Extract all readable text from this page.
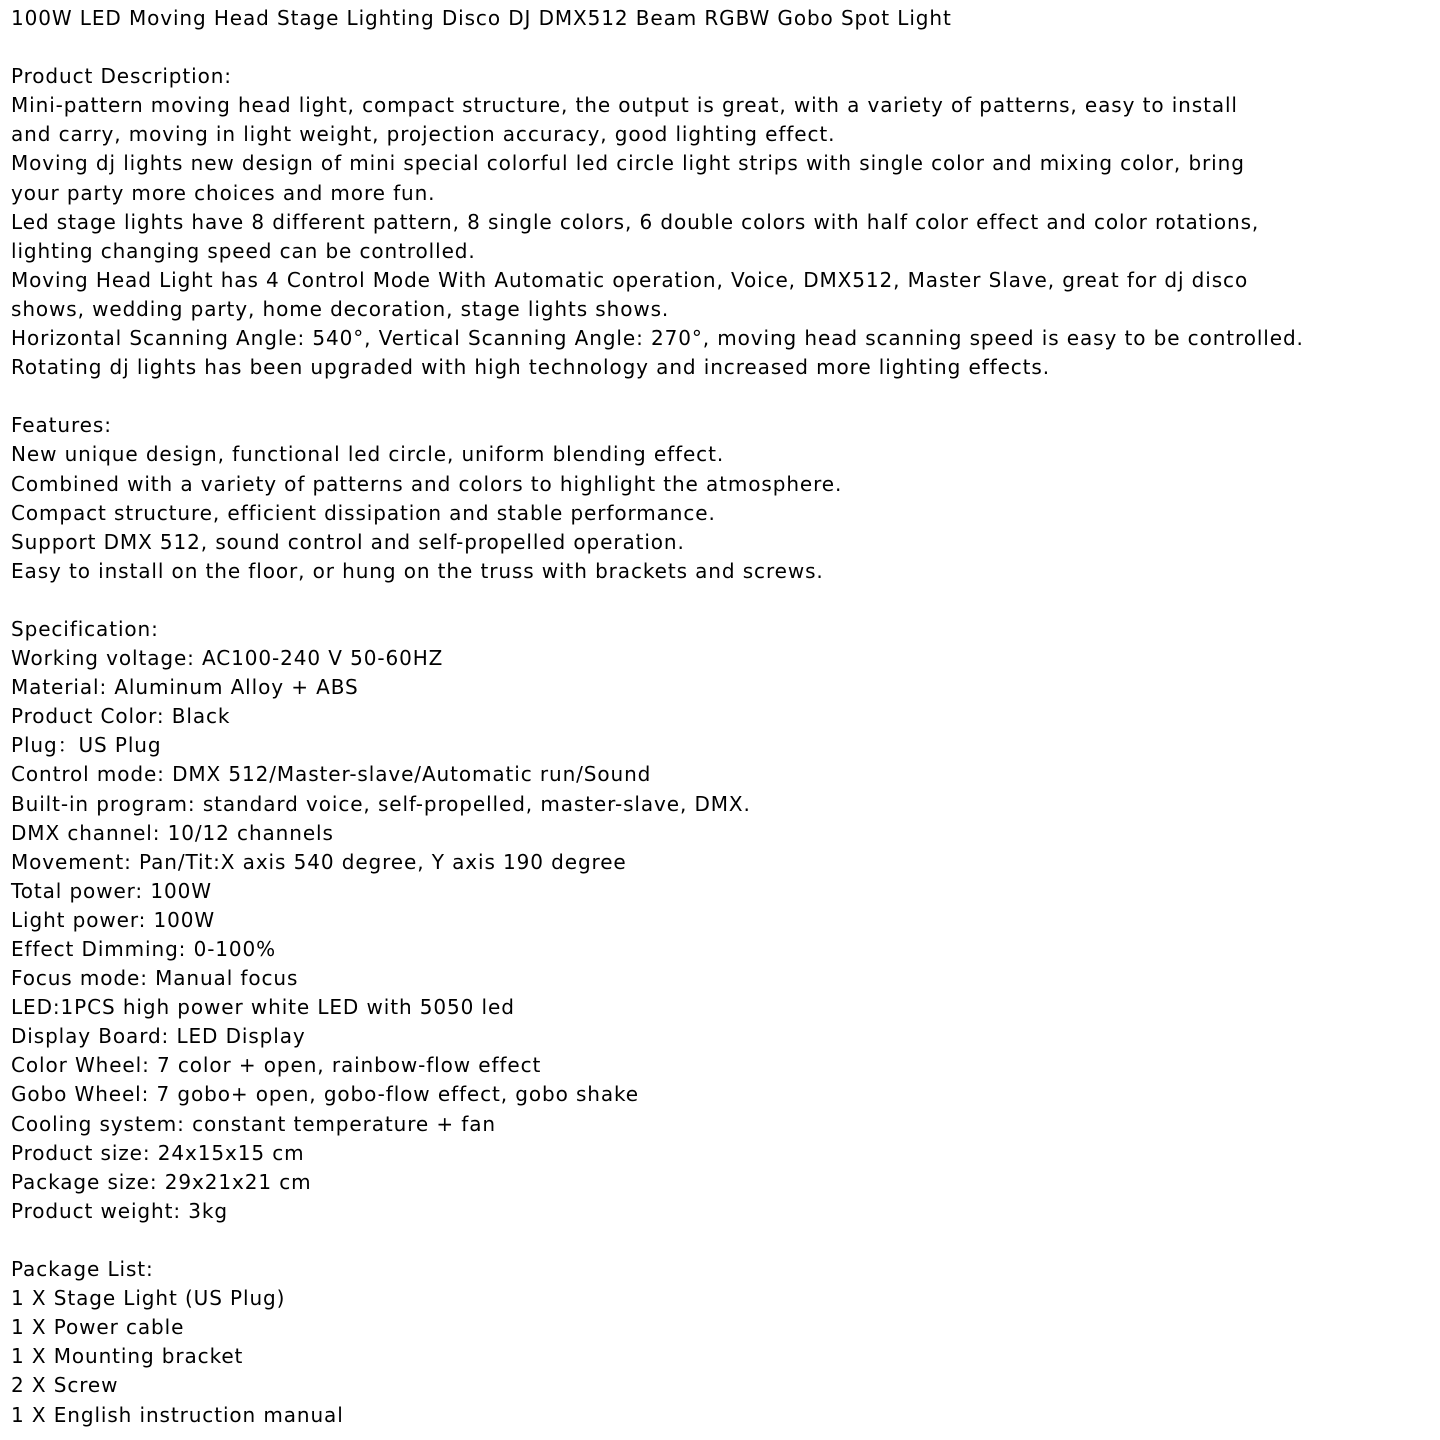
100W LED Moving Head Stage Lighting Disco DJ DMX512 Beam RGBW Gobo Spot Light
Product Description:
Mini-pattern moving head light, compact structure, the output is great, with a variety of patterns, easy to install
and carry, moving in light weight, projection accuracy, good lighting effect.
Moving dj lights new design of mini special colorful led circle light strips with single color and mixing color, bring
your party more choices and more fun.
Led stage lights have 8 different pattern, 8 single colors, 6 double colors with half color effect and color rotations,
lighting changing speed can be controlled.
Moving Head Light has 4 Control Mode With Automatic operation, Voice, DMX512, Master Slave, great for dj disco
shows, wedding party, home decoration, stage lights shows.
Horizontal Scanning Angle: 540°, Vertical Scanning Angle: 270°, moving head scanning speed is easy to be controlled.
Rotating dj lights has been upgraded with high technology and increased more lighting effects.
Features:
New unique design, functional led circle, uniform blending effect.
Combined with a variety of patterns and colors to highlight the atmosphere.
Compact structure, efficient dissipation and stable performance.
Support DMX 512, sound control and self-propelled operation.
Easy to install on the floor, or hung on the truss with brackets and screws.
Specification:
Working voltage: AC100-240 V 50-60HZ
Material: Aluminum Alloy + ABS
Product Color: Black
Plug：US Plug
Control mode: DMX 512/Master-slave/Automatic run/Sound
Built-in program: standard voice, self-propelled, master-slave, DMX.
DMX channel: 10/12 channels
Movement: Pan/Tit:X axis 540 degree, Y axis 190 degree
Total power: 100W
Light power: 100W
Effect Dimming: 0-100%
Focus mode: Manual focus
LED:1PCS high power white LED with 5050 led
Display Board: LED Display
Color Wheel: 7 color + open, rainbow-flow effect
Gobo Wheel: 7 gobo+ open, gobo-flow effect, gobo shake
Cooling system: constant temperature + fan
Product size: 24x15x15 cm
Package size: 29x21x21 cm
Product weight: 3kg
Package List:
1 X Stage Light (US Plug)
1 X Power cable
1 X Mounting bracket
2 X Screw
1 X English instruction manual
